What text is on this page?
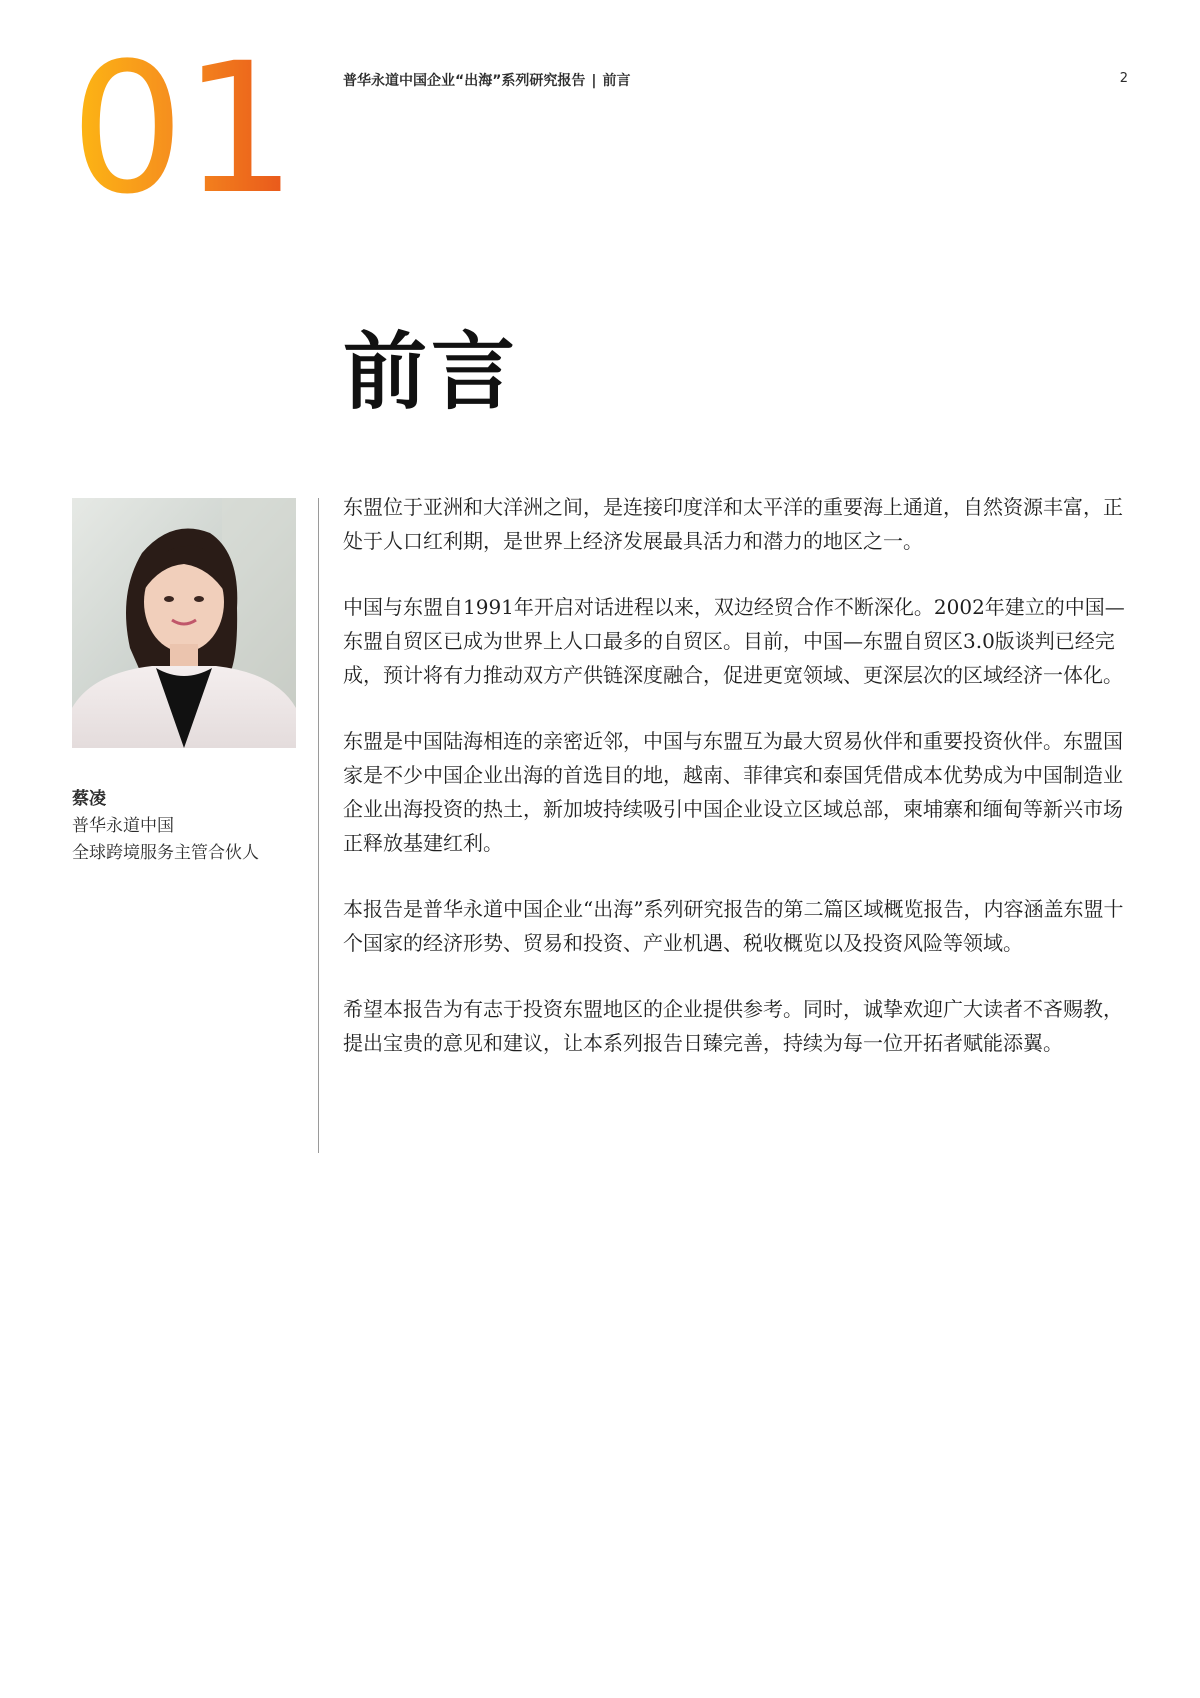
01	普华永道中国企业“出海”系列研究报告 | 前言	2
前言
蔡凌
普华永道中国
全球跨境服务主管合伙人

东盟位于亚洲和大洋洲之间，是连接印度洋和太平洋的重要海上通道，自然资源丰富，正处于人口红利期，是世界上经济发展最具活力和潜力的地区之一。

中国与东盟自1991年开启对话进程以来，双边经贸合作不断深化。2002年建立的中国—东盟自贸区已成为世界上人口最多的自贸区。目前，中国—东盟自贸区3.0版谈判已经完成，预计将有力推动双方产供链深度融合，促进更宽领域、更深层次的区域经济一体化。

东盟是中国陆海相连的亲密近邻，中国与东盟互为最大贸易伙伴和重要投资伙伴。东盟国家是不少中国企业出海的首选目的地，越南、菲律宾和泰国凭借成本优势成为中国制造业企业出海投资的热土，新加坡持续吸引中国企业设立区域总部，柬埔寨和缅甸等新兴市场正释放基建红利。

本报告是普华永道中国企业“出海”系列研究报告的第二篇区域概览报告，内容涵盖东盟十个国家的经济形势、贸易和投资、产业机遇、税收概览以及投资风险等领域。

希望本报告为有志于投资东盟地区的企业提供参考。同时，诚挚欢迎广大读者不吝赐教，提出宝贵的意见和建议，让本系列报告日臻完善，持续为每一位开拓者赋能添翼。
